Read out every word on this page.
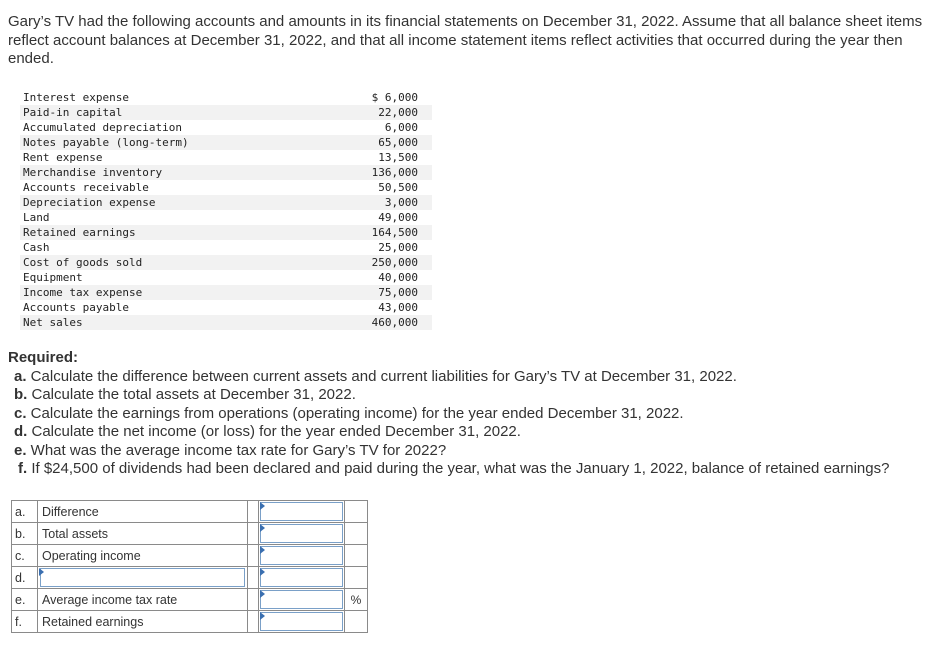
Gary’s TV had the following accounts and amounts in its financial statements on December 31, 2022. Assume that all balance sheet items reflect account balances at December 31, 2022, and that all income statement items reflect activities that occurred during the year then ended.
Interest expense	$ 6,000
Paid-in capital	22,000
Accumulated depreciation	6,000
Notes payable (long-term)	65,000
Rent expense	13,500
Merchandise inventory	136,000
Accounts receivable	50,500
Depreciation expense	3,000
Land	49,000
Retained earnings	164,500
Cash	25,000
Cost of goods sold	250,000
Equipment	40,000
Income tax expense	75,000
Accounts payable	43,000
Net sales	460,000
Required:
a. Calculate the difference between current assets and current liabilities for Gary’s TV at December 31, 2022.
b. Calculate the total assets at December 31, 2022.
c. Calculate the earnings from operations (operating income) for the year ended December 31, 2022.
d. Calculate the net income (or loss) for the year ended December 31, 2022.
e. What was the average income tax rate for Gary’s TV for 2022?
f. If $24,500 of dividends had been declared and paid during the year, what was the January 1, 2022, balance of retained earnings?
a.	Difference		

b.	Total assets		

c.	Operating income		

d.	

e.	Average income tax rate			%
f.	Retained earnings		
